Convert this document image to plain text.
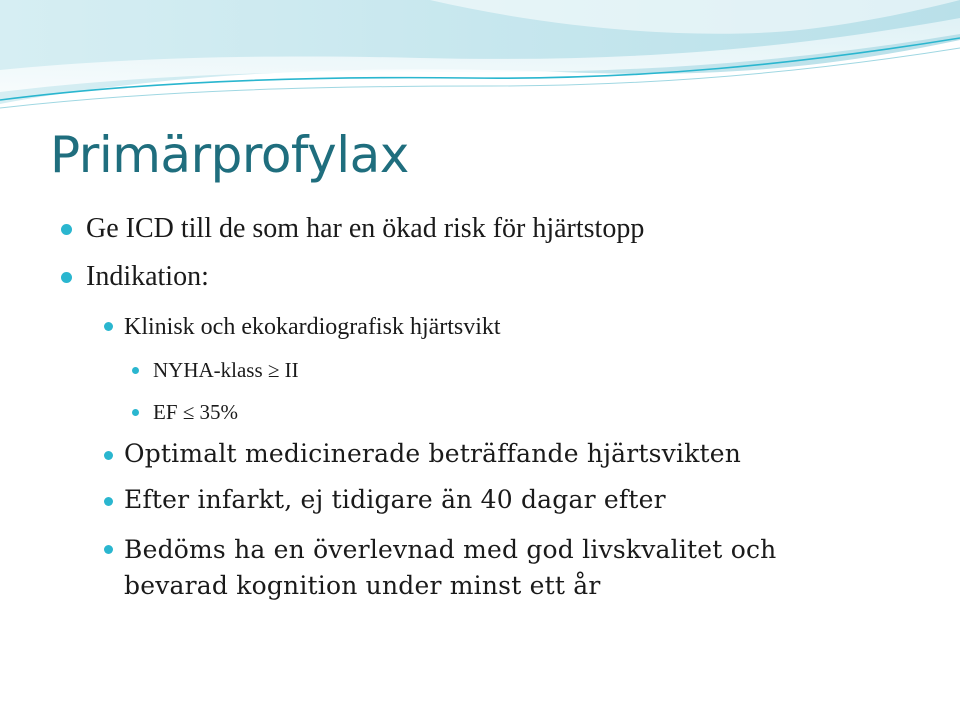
Primärprofylax

Ge ICD till de som har en ökad risk för hjärtstopp

Indikation:

Klinisk och ekokardiografisk hjärtsvikt

NYHA-klass ≥ II

EF ≤ 35%

Optimalt medicinerade beträffande hjärtsvikten

Efter infarkt, ej tidigare än 40 dagar efter

Bedöms ha en överlevnad med god livskvalitet och bevarad kognition under minst ett år
